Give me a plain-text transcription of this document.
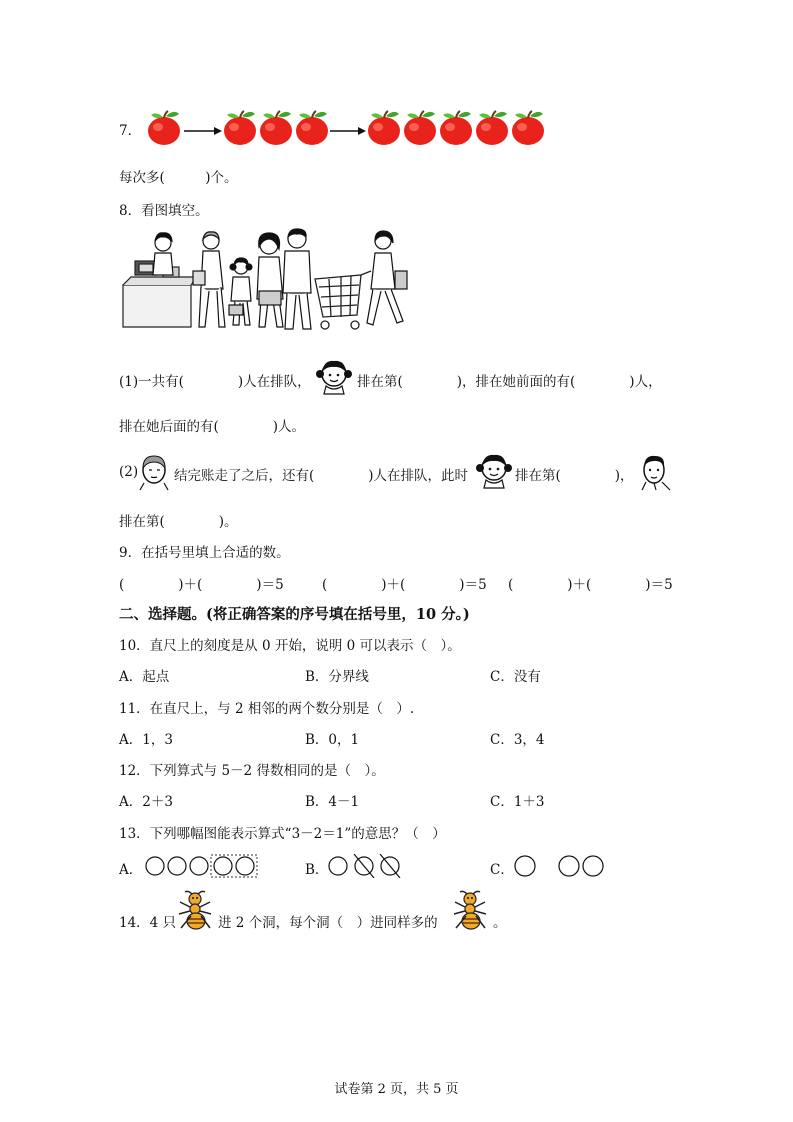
7．
每次多(　　　)个。
8．看图填空。
(1)一共有(　　　　)人在排队，	排在第(　　　　)，排在她前面的有(　　　　)人，
排在她后面的有(　　　　)人。
(2)	结完账走了之后，还有(　　　　)人在排队，此时	排在第(　　　　)，
排在第(　　　　)。
9．在括号里填上合适的数。
(　　　　)＋(　　　　)＝5	(　　　　)＋(　　　　)＝5 (　　　　)＋(　　　　)＝5
二、选择题。(将正确答案的序号填在括号里，10 分。)
10．直尺上的刻度是从 0 开始，说明 0 可以表示（　）。
A．起点	B．分界线	C．没有
11．在直尺上，与 2 相邻的两个数分别是（　）.
A．1，3	B．0，1	C．3，4
12．下列算式与 5－2 得数相同的是（　）。
A．2＋3	B．4－1	C．1＋3
13．下列哪幅图能表示算式“3－2＝1”的意思？（　）
A．	B．	C．
14．4 只	进 2 个洞，每个洞（　）进同样多的	。
试卷第 2 页，共 5 页
